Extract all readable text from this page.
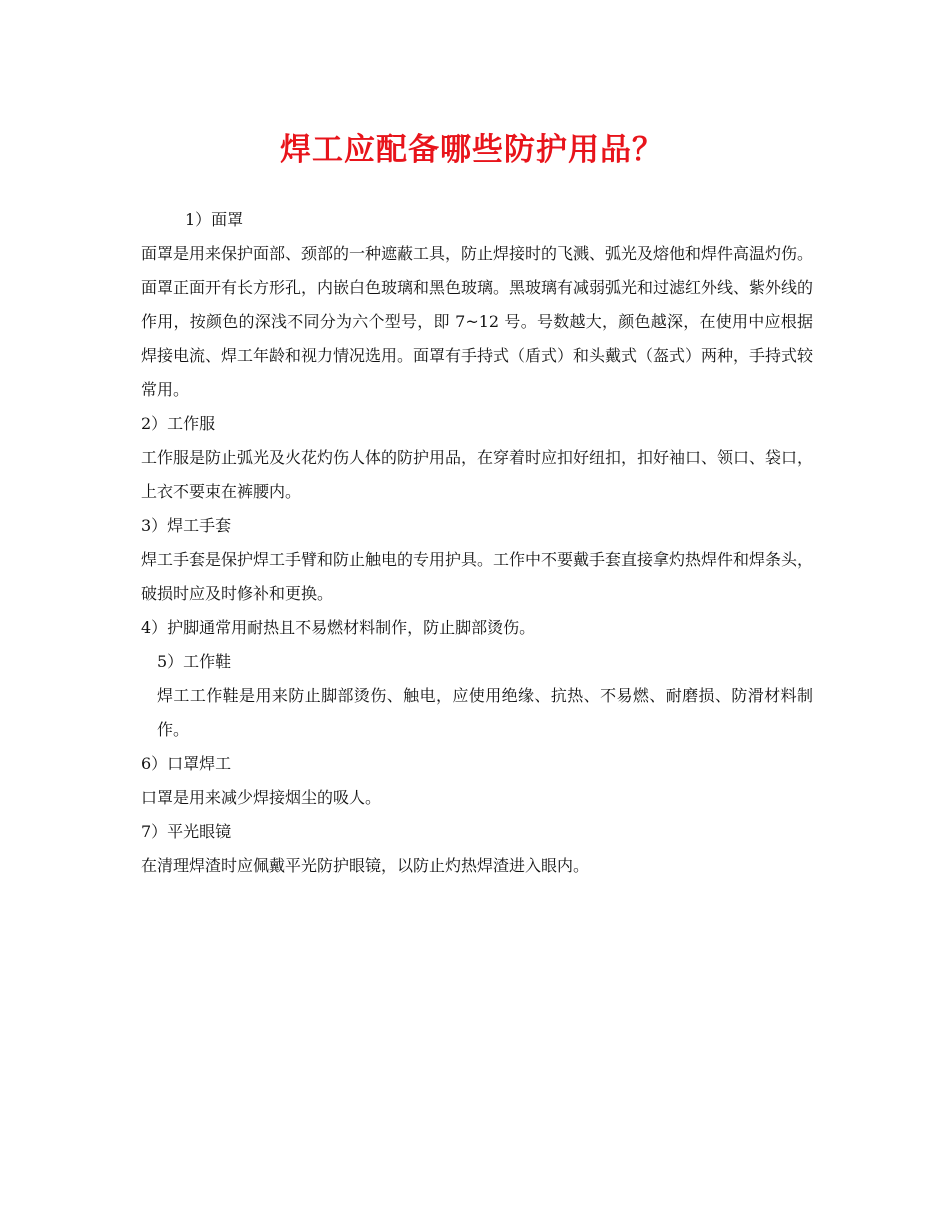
焊工应配备哪些防护用品？

1）面罩

面罩是用来保护面部、颈部的一种遮蔽工具，防止焊接时的飞溅、弧光及熔他和焊件高温灼伤。面罩正面开有长方形孔，内嵌白色玻璃和黑色玻璃。黑玻璃有减弱弧光和过滤红外线、紫外线的作用，按颜色的深浅不同分为六个型号，即 7~12 号。号数越大，颜色越深，在使用中应根据焊接电流、焊工年龄和视力情况选用。面罩有手持式（盾式）和头戴式（盔式）两种，手持式较常用。

2）工作服

工作服是防止弧光及火花灼伤人体的防护用品，在穿着时应扣好纽扣，扣好袖口、领口、袋口，上衣不要束在裤腰内。

3）焊工手套

焊工手套是保护焊工手臂和防止触电的专用护具。工作中不要戴手套直接拿灼热焊件和焊条头，破损时应及时修补和更换。

4）护脚通常用耐热且不易燃材料制作，防止脚部烫伤。

5）工作鞋

焊工工作鞋是用来防止脚部烫伤、触电，应使用绝缘、抗热、不易燃、耐磨损、防滑材料制作。

6）口罩焊工

口罩是用来减少焊接烟尘的吸人。

7）平光眼镜

在清理焊渣时应佩戴平光防护眼镜，以防止灼热焊渣进入眼内。
